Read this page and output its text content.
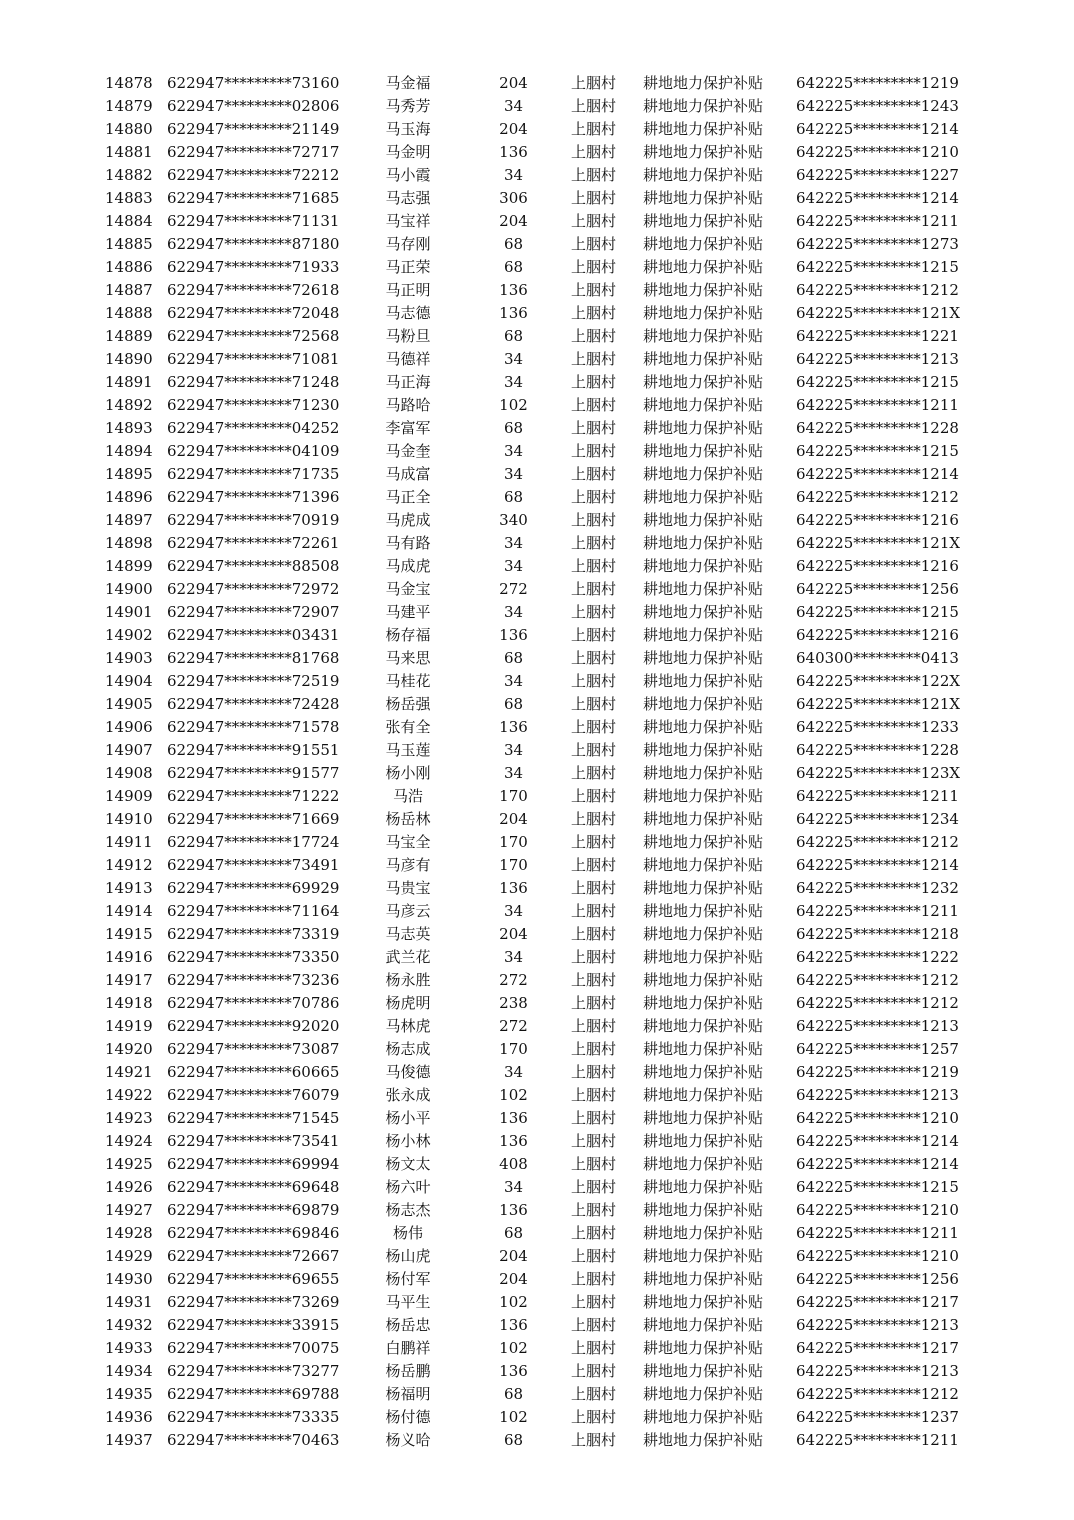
14878 622947*********73160	马金福	204	上胭村	耕地地力保护补贴	642225*********1219
14879 622947*********02806	马秀芳	34	上胭村	耕地地力保护补贴	642225*********1243
14880 622947*********21149	马玉海	204	上胭村	耕地地力保护补贴	642225*********1214
14881 622947*********72717	马金明	136	上胭村	耕地地力保护补贴	642225*********1210
14882 622947*********72212	马小霞	34	上胭村	耕地地力保护补贴	642225*********1227
14883 622947*********71685	马志强	306	上胭村	耕地地力保护补贴	642225*********1214
14884 622947*********71131	马宝祥	204	上胭村	耕地地力保护补贴	642225*********1211
14885 622947*********87180	马存刚	68	上胭村	耕地地力保护补贴	642225*********1273
14886 622947*********71933	马正荣	68	上胭村	耕地地力保护补贴	642225*********1215
14887 622947*********72618	马正明	136	上胭村	耕地地力保护补贴	642225*********1212
14888 622947*********72048	马志德	136	上胭村	耕地地力保护补贴	642225*********121X
14889 622947*********72568	马粉旦	68	上胭村	耕地地力保护补贴	642225*********1221
14890 622947*********71081	马德祥	34	上胭村	耕地地力保护补贴	642225*********1213
14891 622947*********71248	马正海	34	上胭村	耕地地力保护补贴	642225*********1215
14892 622947*********71230	马路哈	102	上胭村	耕地地力保护补贴	642225*********1211
14893 622947*********04252	李富军	68	上胭村	耕地地力保护补贴	642225*********1228
14894 622947*********04109	马金奎	34	上胭村	耕地地力保护补贴	642225*********1215
14895 622947*********71735	马成富	34	上胭村	耕地地力保护补贴	642225*********1214
14896 622947*********71396	马正全	68	上胭村	耕地地力保护补贴	642225*********1212
14897 622947*********70919	马虎成	340	上胭村	耕地地力保护补贴	642225*********1216
14898 622947*********72261	马有路	34	上胭村	耕地地力保护补贴	642225*********121X
14899 622947*********88508	马成虎	34	上胭村	耕地地力保护补贴	642225*********1216
14900 622947*********72972	马金宝	272	上胭村	耕地地力保护补贴	642225*********1256
14901 622947*********72907	马建平	34	上胭村	耕地地力保护补贴	642225*********1215
14902 622947*********03431	杨存福	136	上胭村	耕地地力保护补贴	642225*********1216
14903 622947*********81768	马来思	68	上胭村	耕地地力保护补贴	640300*********0413
14904 622947*********72519	马桂花	34	上胭村	耕地地力保护补贴	642225*********122X
14905 622947*********72428	杨岳强	68	上胭村	耕地地力保护补贴	642225*********121X
14906 622947*********71578	张有全	136	上胭村	耕地地力保护补贴	642225*********1233
14907 622947*********91551	马玉莲	34	上胭村	耕地地力保护补贴	642225*********1228
14908 622947*********91577	杨小刚	34	上胭村	耕地地力保护补贴	642225*********123X
14909 622947*********71222	马浩	170	上胭村	耕地地力保护补贴	642225*********1211
14910 622947*********71669	杨岳林	204	上胭村	耕地地力保护补贴	642225*********1234
14911 622947*********17724	马宝全	170	上胭村	耕地地力保护补贴	642225*********1212
14912 622947*********73491	马彦有	170	上胭村	耕地地力保护补贴	642225*********1214
14913 622947*********69929	马贵宝	136	上胭村	耕地地力保护补贴	642225*********1232
14914 622947*********71164	马彦云	34	上胭村	耕地地力保护补贴	642225*********1211
14915 622947*********73319	马志英	204	上胭村	耕地地力保护补贴	642225*********1218
14916 622947*********73350	武兰花	34	上胭村	耕地地力保护补贴	642225*********1222
14917 622947*********73236	杨永胜	272	上胭村	耕地地力保护补贴	642225*********1212
14918 622947*********70786	杨虎明	238	上胭村	耕地地力保护补贴	642225*********1212
14919 622947*********92020	马林虎	272	上胭村	耕地地力保护补贴	642225*********1213
14920 622947*********73087	杨志成	170	上胭村	耕地地力保护补贴	642225*********1257
14921 622947*********60665	马俊德	34	上胭村	耕地地力保护补贴	642225*********1219
14922 622947*********76079	张永成	102	上胭村	耕地地力保护补贴	642225*********1213
14923 622947*********71545	杨小平	136	上胭村	耕地地力保护补贴	642225*********1210
14924 622947*********73541	杨小林	136	上胭村	耕地地力保护补贴	642225*********1214
14925 622947*********69994	杨文太	408	上胭村	耕地地力保护补贴	642225*********1214
14926 622947*********69648	杨六叶	34	上胭村	耕地地力保护补贴	642225*********1215
14927 622947*********69879	杨志杰	136	上胭村	耕地地力保护补贴	642225*********1210
14928 622947*********69846	杨伟	68	上胭村	耕地地力保护补贴	642225*********1211
14929 622947*********72667	杨山虎	204	上胭村	耕地地力保护补贴	642225*********1210
14930 622947*********69655	杨付军	204	上胭村	耕地地力保护补贴	642225*********1256
14931 622947*********73269	马平生	102	上胭村	耕地地力保护补贴	642225*********1217
14932 622947*********33915	杨岳忠	136	上胭村	耕地地力保护补贴	642225*********1213
14933 622947*********70075	白鹏祥	102	上胭村	耕地地力保护补贴	642225*********1217
14934 622947*********73277	杨岳鹏	136	上胭村	耕地地力保护补贴	642225*********1213
14935 622947*********69788	杨福明	68	上胭村	耕地地力保护补贴	642225*********1212
14936 622947*********73335	杨付德	102	上胭村	耕地地力保护补贴	642225*********1237
14937 622947*********70463	杨义哈	68	上胭村	耕地地力保护补贴	642225*********1211
